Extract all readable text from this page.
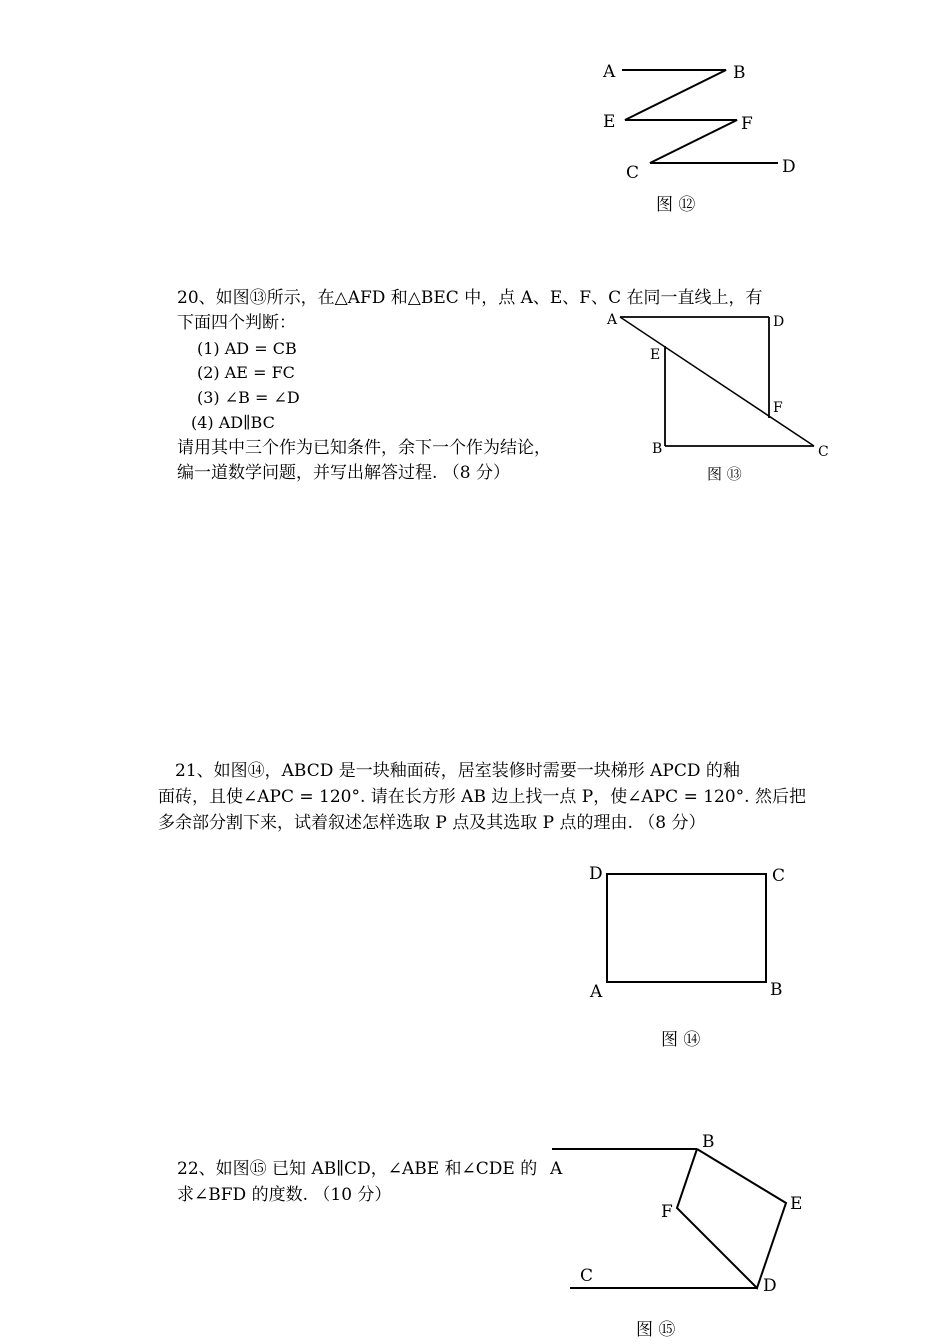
A	B
E	F
C	D
图 ⑫
20、如图⑬所示，在△AFD 和△BEC 中，点 A、E、F、C 在同一直线上，有
下面四个判断：
(1) AD = CB
(2) AE = FC
(3) ∠B = ∠D
(4) AD∥BC
请用其中三个作为已知条件，余下一个作为结论，
编一道数学问题，并写出解答过程. （8 分）
A	D
E
F
B	C
图 ⑬
21、如图⑭，ABCD 是一块釉面砖，居室装修时需要一块梯形 APCD 的釉
面砖，且使∠APC = 120°. 请在长方形 AB 边上找一点 P，使∠APC = 120°. 然后把
多余部分割下来，试着叙述怎样选取 P 点及其选取 P 点的理由. （8 分）
D	C
A	B
图 ⑭
22、如图⑮ 已知 AB∥CD，∠ABE 和∠CDE 的
求∠BFD 的度数. （10 分）
A
B
E
F
C	D
图 ⑮
